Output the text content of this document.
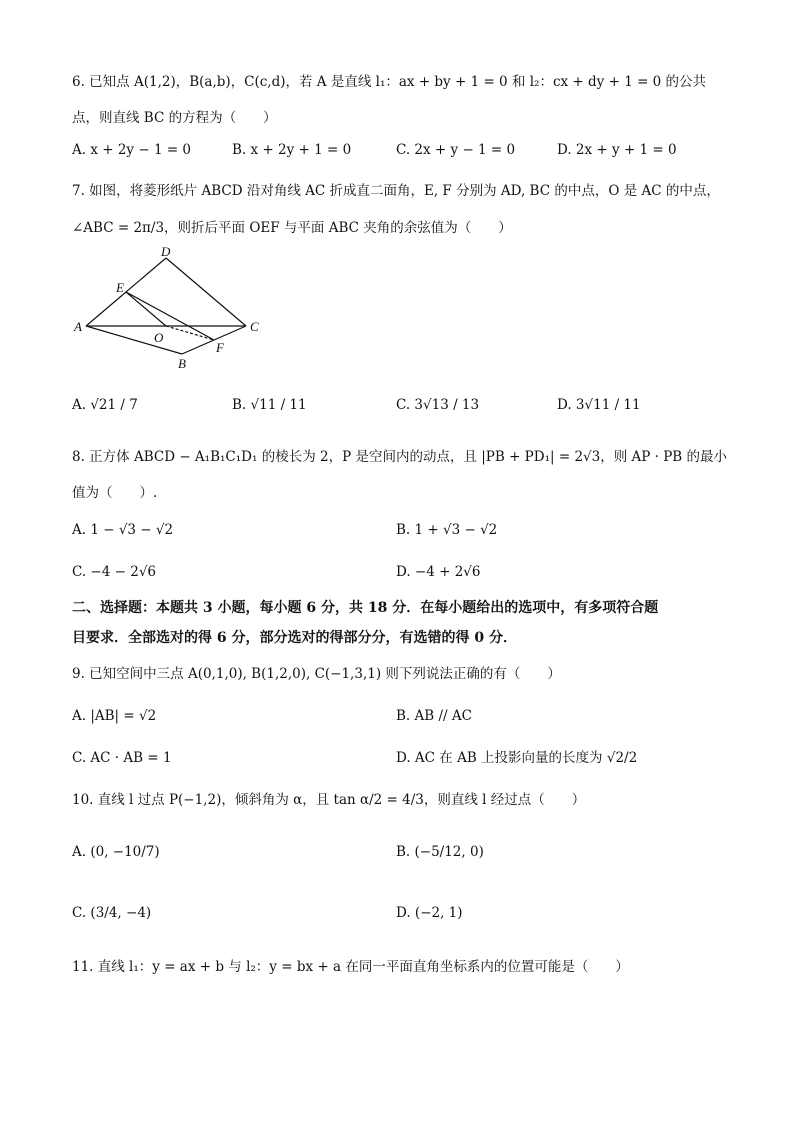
6. 已知点 A(1,2)，B(a,b)，C(c,d)，若 A 是直线 l₁：ax + by + 1 = 0 和 l₂：cx + dy + 1 = 0 的公共
点，则直线 BC 的方程为（　　）
A. x + 2y − 1 = 0	B. x + 2y + 1 = 0	C. 2x + y − 1 = 0	D. 2x + y + 1 = 0
7. 如图，将菱形纸片 ABCD 沿对角线 AC 折成直二面角，E, F 分别为 AD, BC 的中点，O 是 AC 的中点，
∠ABC = 2π/3，则折后平面 OEF 与平面 ABC 夹角的余弦值为（　　）
A
B
C
D
E
F
O
A. √21 / 7	B. √11 / 11	C. 3√13 / 13	D. 3√11 / 11
8. 正方体 ABCD − A₁B₁C₁D₁ 的棱长为 2，P 是空间内的动点，且 |PB + PD₁| = 2√3，则 AP · PB 的最小
值为（　　）.
A. 1 − √3 − √2	B. 1 + √3 − √2
C. −4 − 2√6	D. −4 + 2√6
二、选择题：本题共 3 小题，每小题 6 分，共 18 分．在每小题给出的选项中，有多项符合题
目要求．全部选对的得 6 分，部分选对的得部分分，有选错的得 0 分．
9. 已知空间中三点 A(0,1,0), B(1,2,0), C(−1,3,1) 则下列说法正确的有（　　）
A. |AB| = √2	B. AB // AC
C. AC · AB = 1	D. AC 在 AB 上投影向量的长度为 √2/2
10. 直线 l 过点 P(−1,2)，倾斜角为 α，且 tan α/2 = 4/3，则直线 l 经过点（　　）
A. (0, −10/7)	B. (−5/12, 0)
C. (3/4, −4)	D. (−2, 1)
11. 直线 l₁：y = ax + b 与 l₂：y = bx + a 在同一平面直角坐标系内的位置可能是（　　）
